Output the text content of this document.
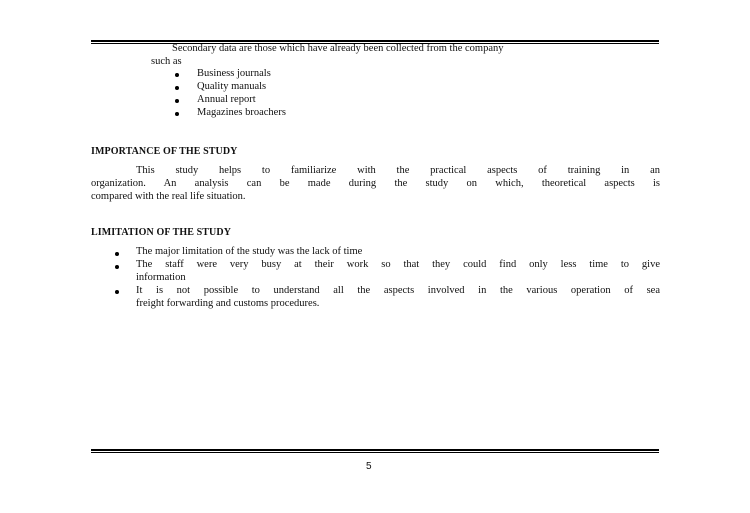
Secondary data are those which have already been collected from the company
such as
Business journals
Quality manuals
Annual report
Magazines broachers
IMPORTANCE OF THE STUDY
This study helps to familiarize with the practical aspects of training in an
organization. An analysis can be made during the study on which, theoretical aspects is
compared with the real life situation.
LIMITATION OF THE STUDY
The major limitation of the study was the lack of time
The staff were very busy at their work so that they could find only less time to give
information
It is not possible to understand all the aspects involved in the various operation of sea
freight forwarding and customs procedures.
5
